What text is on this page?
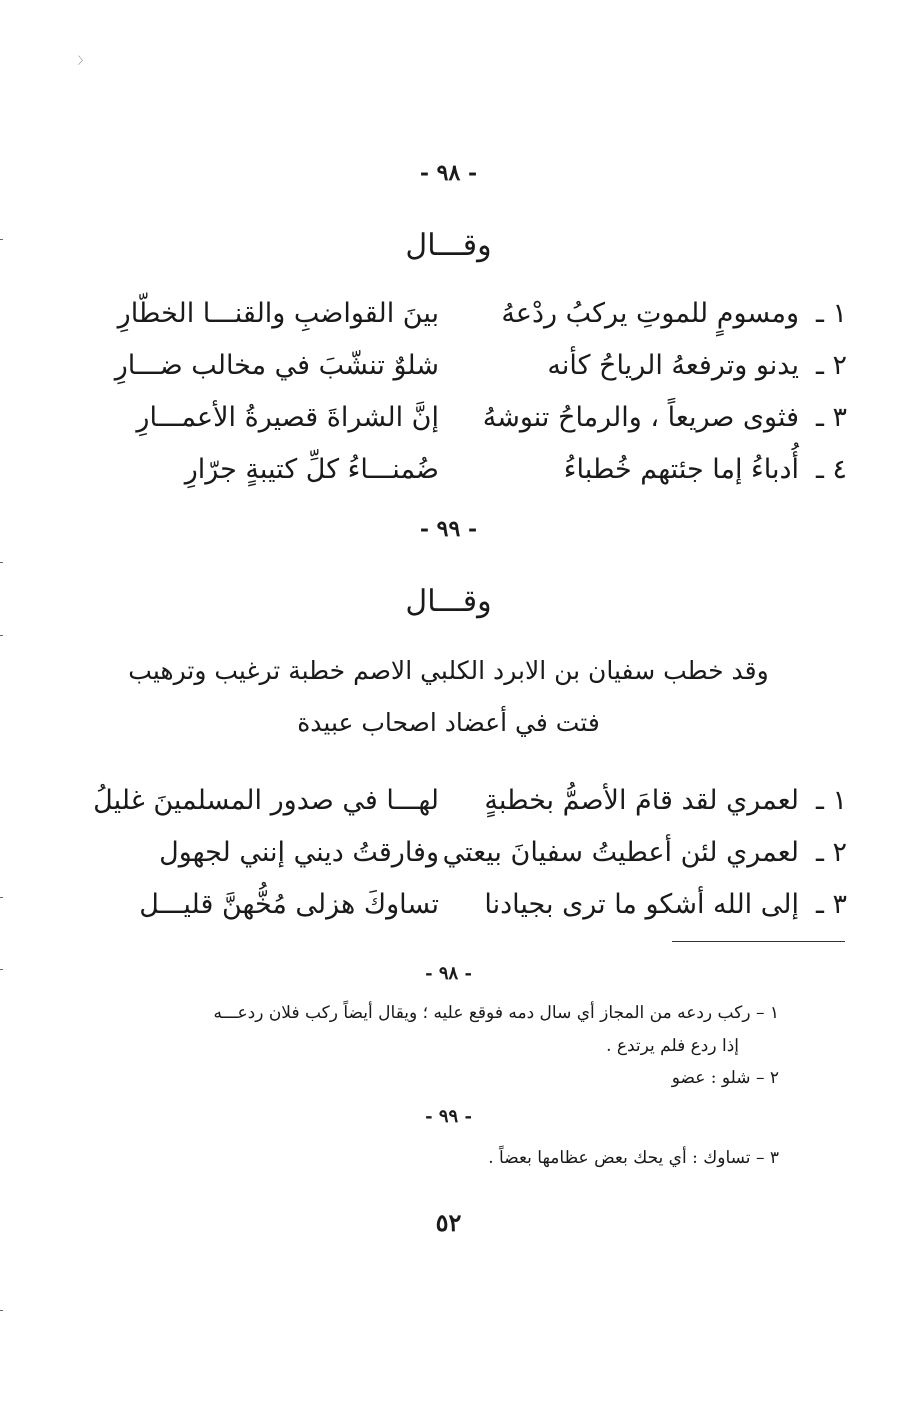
〉
ـ
ـ
ـ
ـ
ـ
ـ
- ٩٨ -
وقـــال
١ ـ
ومسومٍ للموتِ يركبُ ردْعهُ
بينَ القواضبِ والقنـــا الخطّارِ
٢ ـ
يدنو وترفعهُ الرياحُ كأنه
شلوٌ تنشّبَ في مخالب ضـــارِ
٣ ـ
فثوى صريعاً ، والرماحُ تنوشهُ
إنَّ الشراةَ قصيرةُ الأعمـــارِ
٤ ـ
أُدباءُ إما جئتهم خُطباءُ
ضُمنـــاءُ كلِّ كتيبةٍ جرّارِ
- ٩٩ -
وقـــال
وقد خطب سفيان بن الابرد الكلبي الاصم خطبة ترغيب وترهيب
فتت في أعضاد اصحاب عبيدة
١ ـ
لعمري لقد قامَ الأصمُّ بخطبةٍ
لهـــا في صدور المسلمينَ غليلُ
٢ ـ
لعمري لئن أعطيتُ سفيانَ بيعتي
وفارقتُ ديني إنني لجهول
٣ ـ
إلى الله أشكو ما ترى بجيادنا
تساوكَ هزلى مُخُّهنَّ قليـــل
- ٩٨ -
١ – ركب ردعه من المجاز أي سال دمه فوقع عليه ؛ ويقال أيضاً ركب فلان ردعـــه
إذا ردع فلم يرتدع .
٢ – شلو : عضو
- ٩٩ -
٣ – تساوك : أي يحك بعض عظامها بعضاً .
٥٢
